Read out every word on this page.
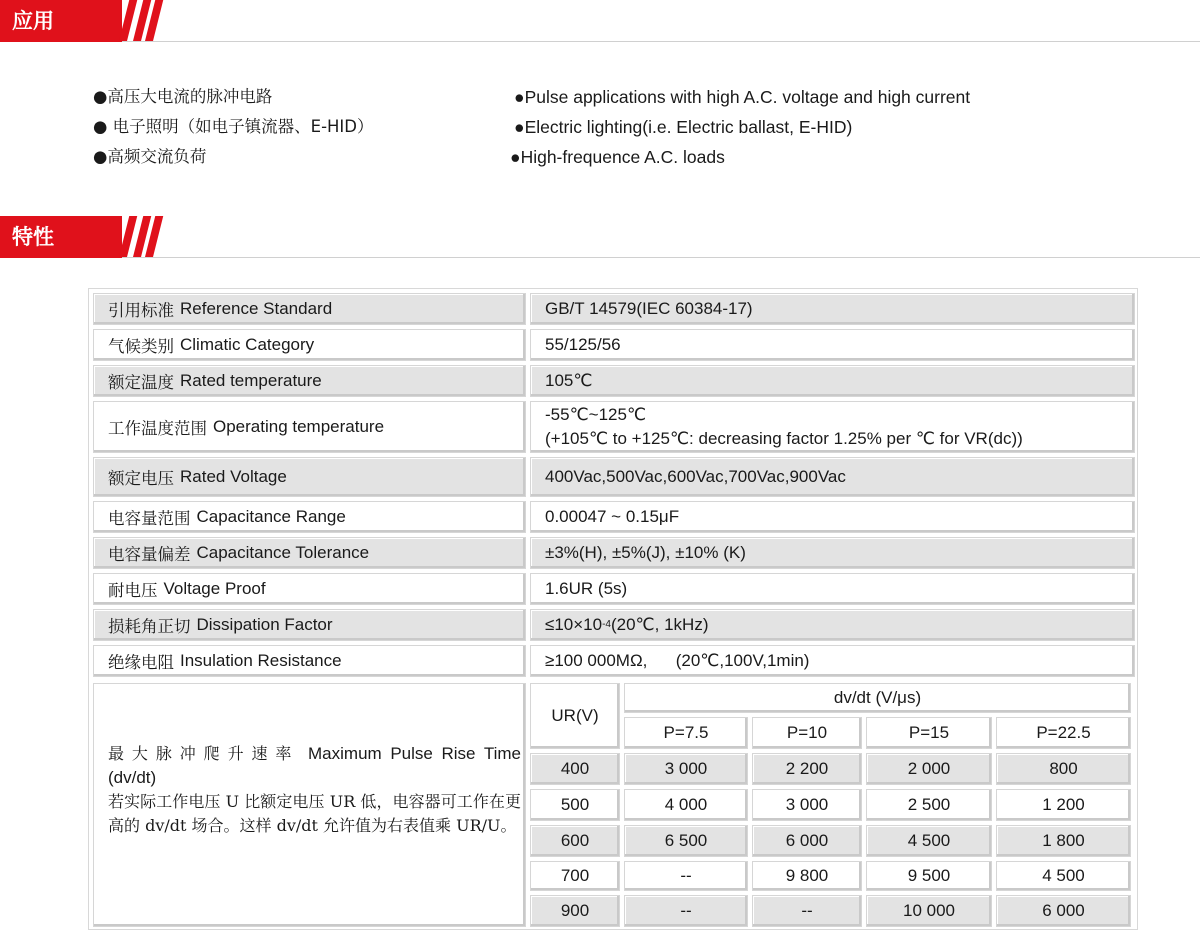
应用
●高压大电流的脉冲电路
● 电子照明（如电子镇流器、E-HID）
●高频交流负荷
●Pulse applications with high A.C. voltage and high current
●Electric lighting(i.e. Electric ballast, E-HID)
●High-frequence A.C. loads
特性
引用标准 Reference Standard	GB/T 14579(IEC 60384-17)
气候类别 Climatic Category	55/125/56
额定温度 Rated temperature	105℃
工作温度范围 Operating temperature
-55℃~125℃
(+105℃ to +125℃: decreasing factor 1.25% per ℃ for VR(dc))
额定电压 Rated Voltage	400Vac,500Vac,600Vac,700Vac,900Vac
电容量范围 Capacitance Range	0.00047 ~ 0.15μF
电容量偏差 Capacitance Tolerance	±3%(H), ±5%(J), ±10% (K)
耐电压 Voltage Proof	1.6UR (5s)
损耗角正切 Dissipation Factor	≤10×10 -4 (20℃, 1kHz)
绝缘电阻 Insulation Resistance	≥100 000MΩ,      (20℃,100V,1min)
最大脉冲爬升速率 Maximum Pulse Rise Time (dv/dt)
若实际工作电压 U 比额定电压 UR 低，电容器可工作在更高的 dv/dt 场合。这样 dv/dt 允许值为右表值乘 UR/U。
UR(V)
dv/dt (V/μs)
P=7.5	P=10	P=15	P=22.5
400	3 000	2 200	2 000	800
500	4 000	3 000	2 500	1 200
600	6 500	6 000	4 500	1 800
700	--	9 800	9 500	4 500
900	--	--	10 000	6 000
